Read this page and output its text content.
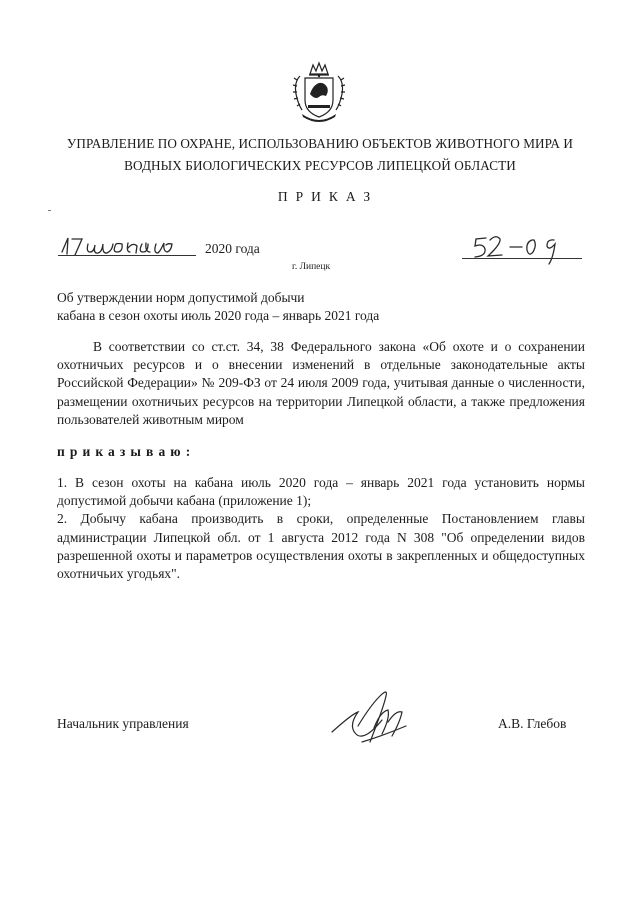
УПРАВЛЕНИЕ ПО ОХРАНЕ, ИСПОЛЬЗОВАНИЮ ОБЪЕКТОВ ЖИВОТНОГО МИРА И
ВОДНЫХ БИОЛОГИЧЕСКИХ РЕСУРСОВ ЛИПЕЦКОЙ ОБЛАСТИ
ПРИКАЗ
2020 года
г. Липецк
Об утверждении норм допустимой добычи
кабана в сезон охоты июль 2020 года – январь 2021 года

В соответствии со ст.ст. 34, 38 Федерального закона «Об охоте и о сохранении охотничьих ресурсов и о внесении изменений в отдельные законодательные акты Российской Федерации» № 209-ФЗ от 24 июля 2009 года, учитывая данные о численности, размещении охотничьих ресурсов на территории Липецкой области, а также предложения пользователей животным миром

приказываю:

1. В сезон охоты на кабана июль 2020 года – январь 2021 года установить нормы допустимой добычи кабана (приложение 1);

2. Добычу кабана производить в сроки, определенные Постановлением главы администрации Липецкой обл. от 1 августа 2012 года N 308 "Об определении видов разрешенной охоты и параметров осуществления охоты в закрепленных и общедоступных охотничьих угодьях".

Начальник управления	А.В. Глебов
